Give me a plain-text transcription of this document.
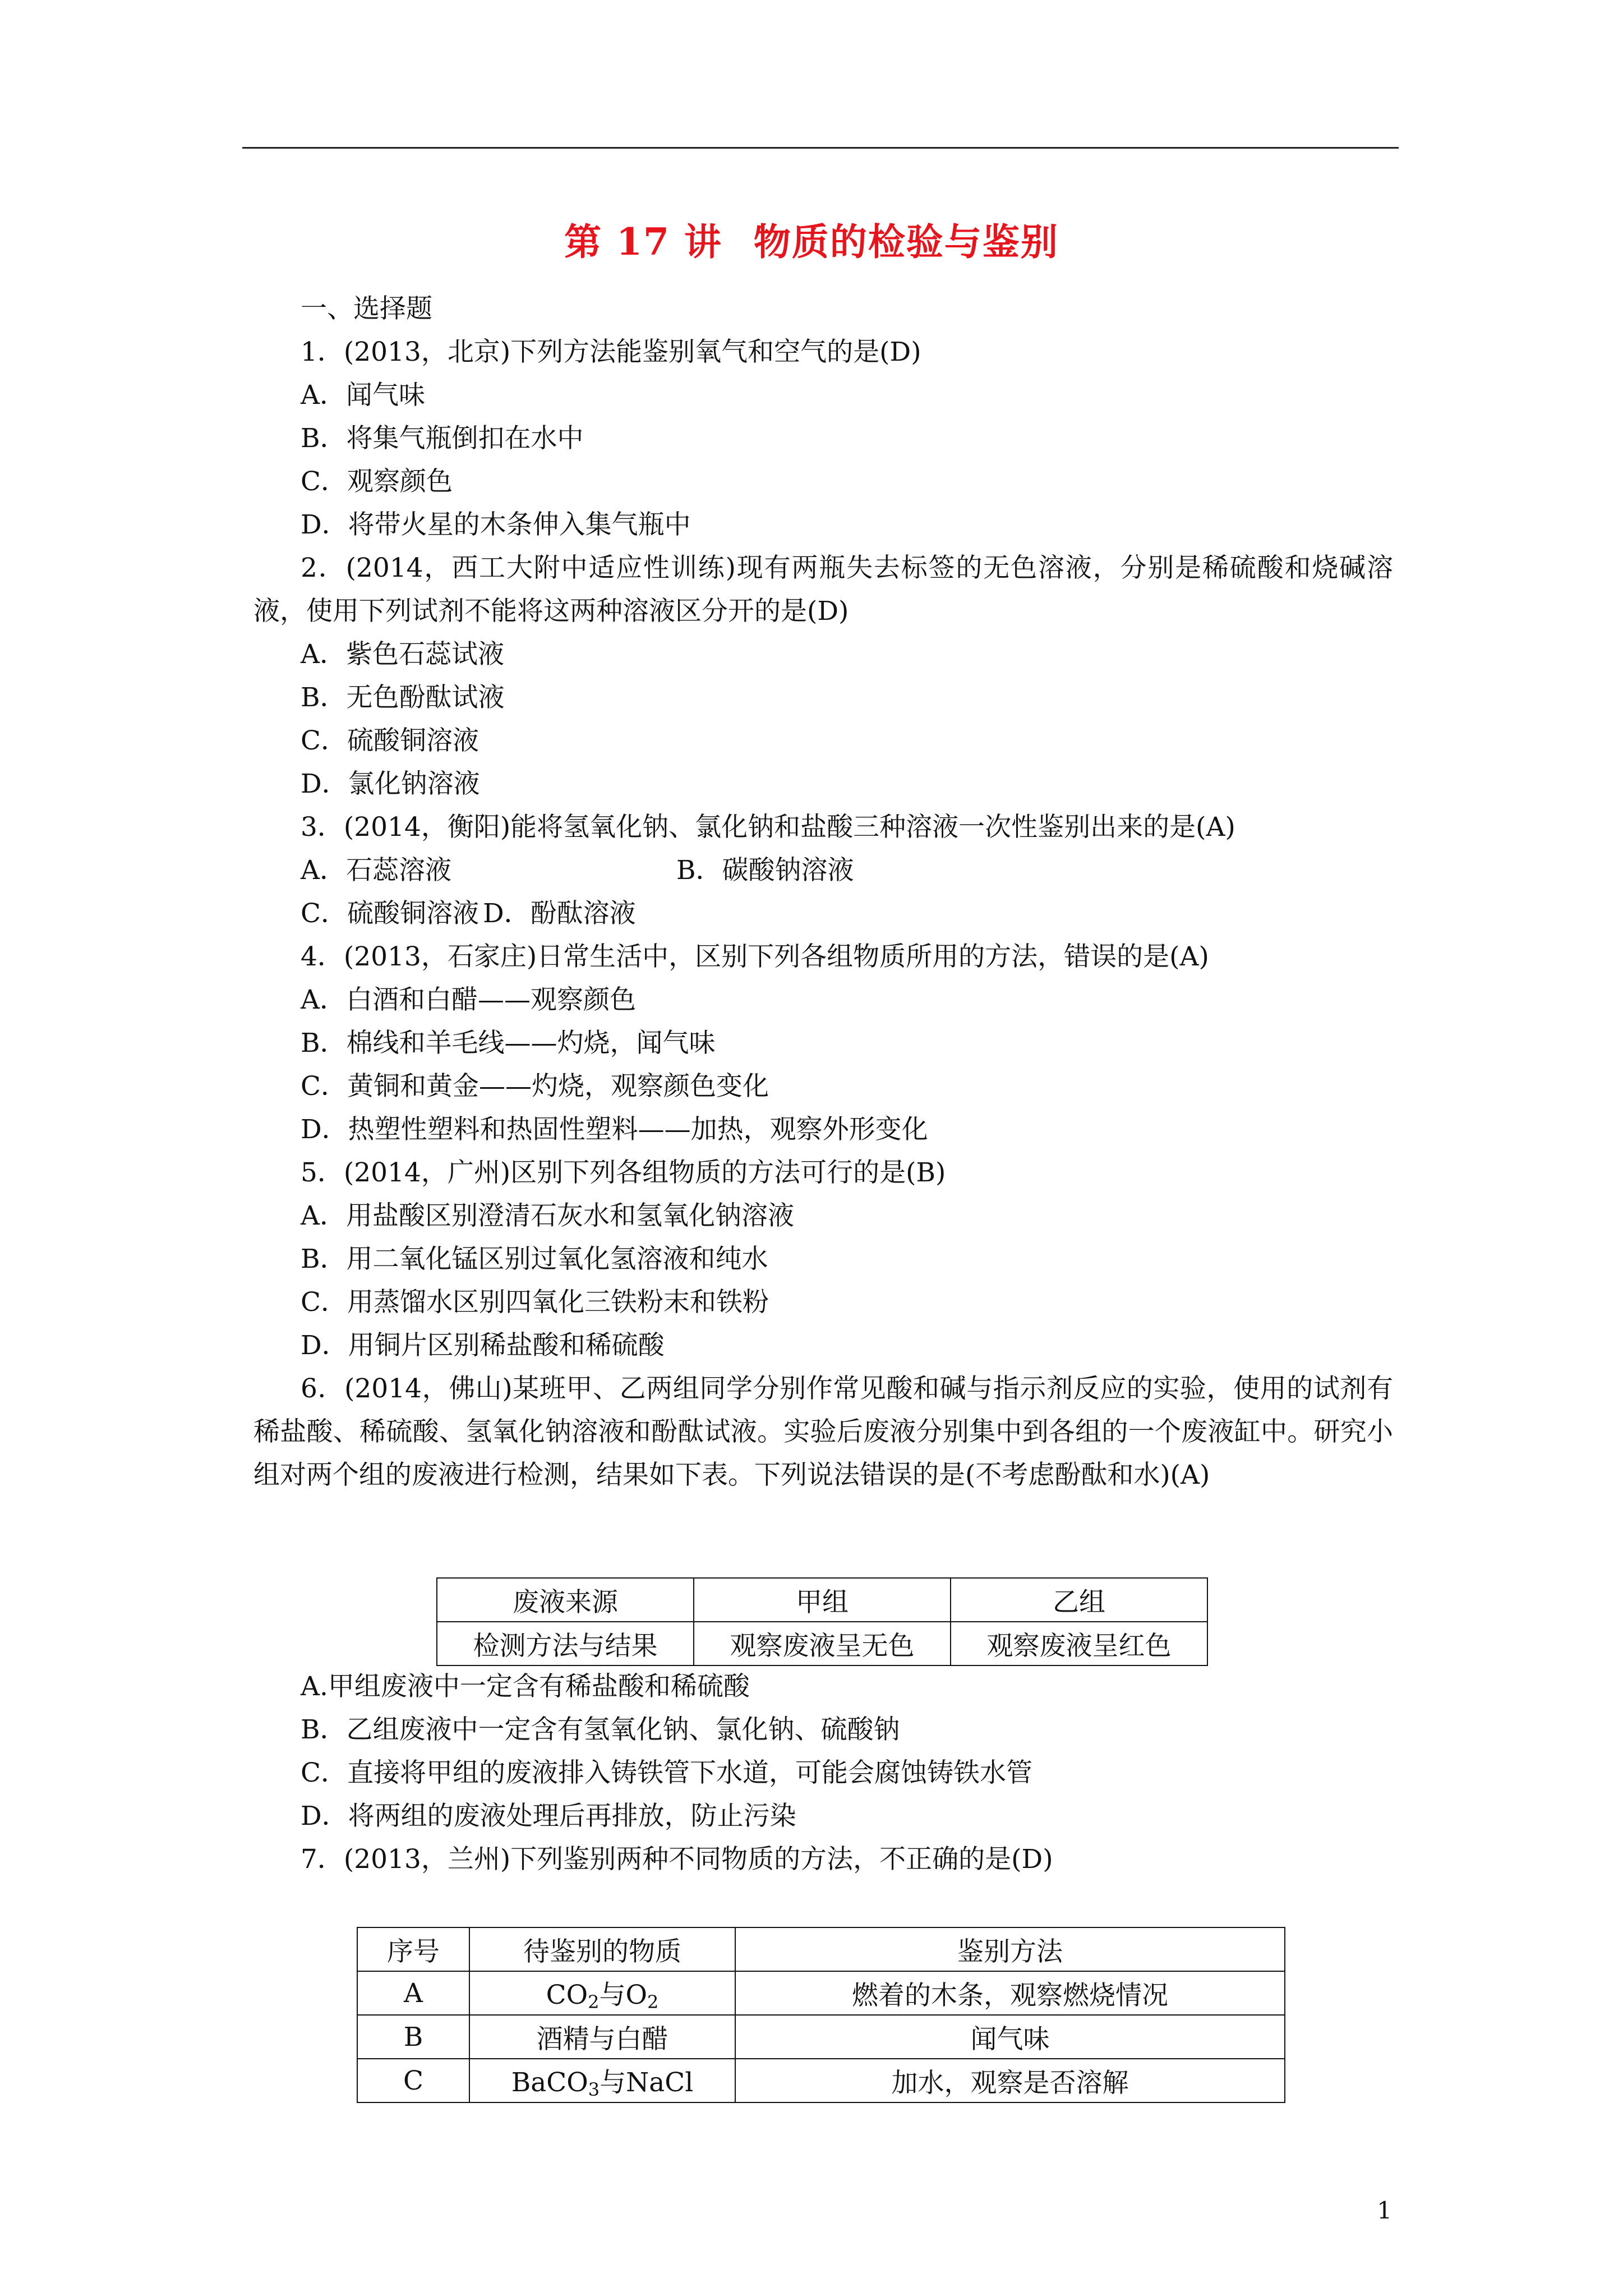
第 17 讲 物质的检验与鉴别
一、选择题
1．(2013，北京)下列方法能鉴别氧气和空气的是(D)
A．闻气味
B．将集气瓶倒扣在水中
C．观察颜色
D．将带火星的木条伸入集气瓶中
2．(2014，西工大附中适应性训练)现有两瓶失去标签的无色溶液，分别是稀硫酸和烧碱溶液，使用下列试剂不能将这两种溶液区分开的是(D)
A．紫色石蕊试液
B．无色酚酞试液
C．硫酸铜溶液
D．氯化钠溶液
3．(2014，衡阳)能将氢氧化钠、氯化钠和盐酸三种溶液一次性鉴别出来的是(A)
A．石蕊溶液	B．碳酸钠溶液
C．硫酸铜溶液 D．酚酞溶液
4．(2013，石家庄)日常生活中，区别下列各组物质所用的方法，错误的是(A)
A．白酒和白醋——观察颜色
B．棉线和羊毛线——灼烧，闻气味
C．黄铜和黄金——灼烧，观察颜色变化
D．热塑性塑料和热固性塑料——加热，观察外形变化
5．(2014，广州)区别下列各组物质的方法可行的是(B)
A．用盐酸区别澄清石灰水和氢氧化钠溶液
B．用二氧化锰区别过氧化氢溶液和纯水
C．用蒸馏水区别四氧化三铁粉末和铁粉
D．用铜片区别稀盐酸和稀硫酸
6．(2014，佛山)某班甲、乙两组同学分别作常见酸和碱与指示剂反应的实验，使用的试剂有稀盐酸、稀硫酸、氢氧化钠溶液和酚酞试液。实验后废液分别集中到各组的一个废液缸中。研究小组对两个组的废液进行检测，结果如下表。下列说法错误的是(不考虑酚酞和水)(A)
废液来源	甲组	乙组
检测方法与结果	观察废液呈无色	观察废液呈红色
A.甲组废液中一定含有稀盐酸和稀硫酸
B．乙组废液中一定含有氢氧化钠、氯化钠、硫酸钠
C．直接将甲组的废液排入铸铁管下水道，可能会腐蚀铸铁水管
D．将两组的废液处理后再排放，防止污染
7．(2013，兰州)下列鉴别两种不同物质的方法，不正确的是(D)
序号	待鉴别的物质	鉴别方法
A	$CO_2$与$O_2$	燃着的木条，观察燃烧情况
B	酒精与白醋	闻气味
C	BaCO$_3$与NaCl	加水，观察是否溶解
1
